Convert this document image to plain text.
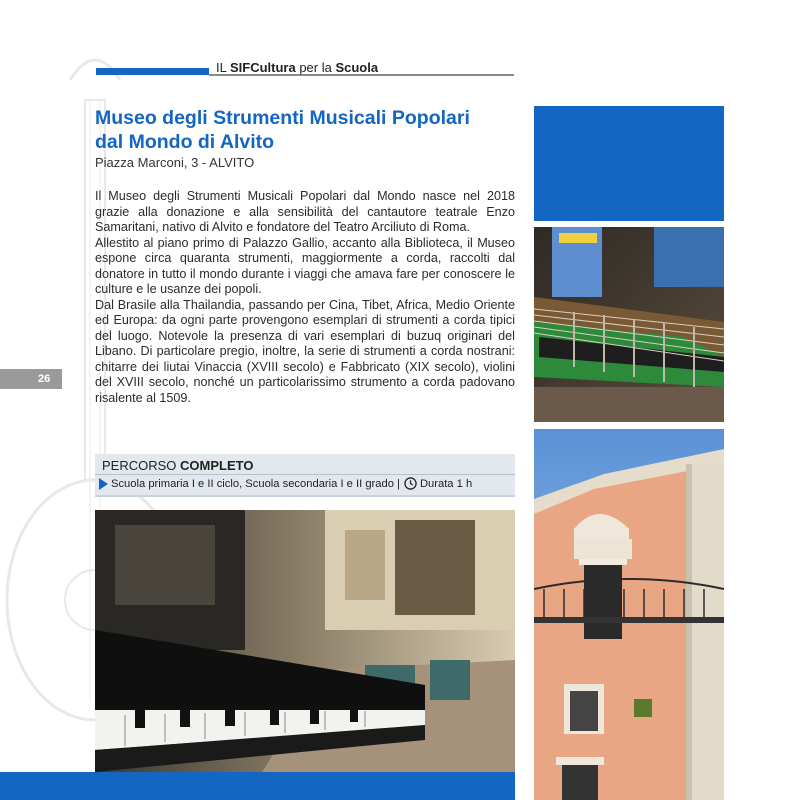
IL SIFCultura per la Scuola
26
Museo degli Strumenti Musicali Popolari
dal Mondo di Alvito
Piazza Marconi, 3 - ALVITO

Il Museo degli Strumenti Musicali Popolari dal Mondo nasce nel 2018 grazie alla donazione e alla sensibilità del cantautore teatrale Enzo Samaritani, nativo di Alvito e fondatore del Teatro Arciliuto di Roma.

Allestito al piano primo di Palazzo Gallio, accanto alla Biblioteca, il Museo espone circa quaranta strumenti, maggiormente a corda, raccolti dal donatore in tutto il mondo durante i viaggi che amava fare per conoscere le culture e le usanze dei popoli.

Dal Brasile alla Thailandia, passando per Cina, Tibet, Africa, Medio Oriente ed Europa: da ogni parte provengono esemplari di strumenti a corda tipici del luogo. Notevole la presenza di vari esemplari di buzuq originari del Libano. Di particolare pregio, inoltre, la serie di strumenti a corda nostrani: chitarre dei liutai Vinaccia (XVIII secolo) e Fabbricato (XIX secolo), violini del XVIII secolo, nonché un particolarissimo strumento a corda padovano risalente al 1509.

PERCORSO COMPLETO
Scuola primaria I e II ciclo, Scuola secondaria I e II grado | Durata 1 h
